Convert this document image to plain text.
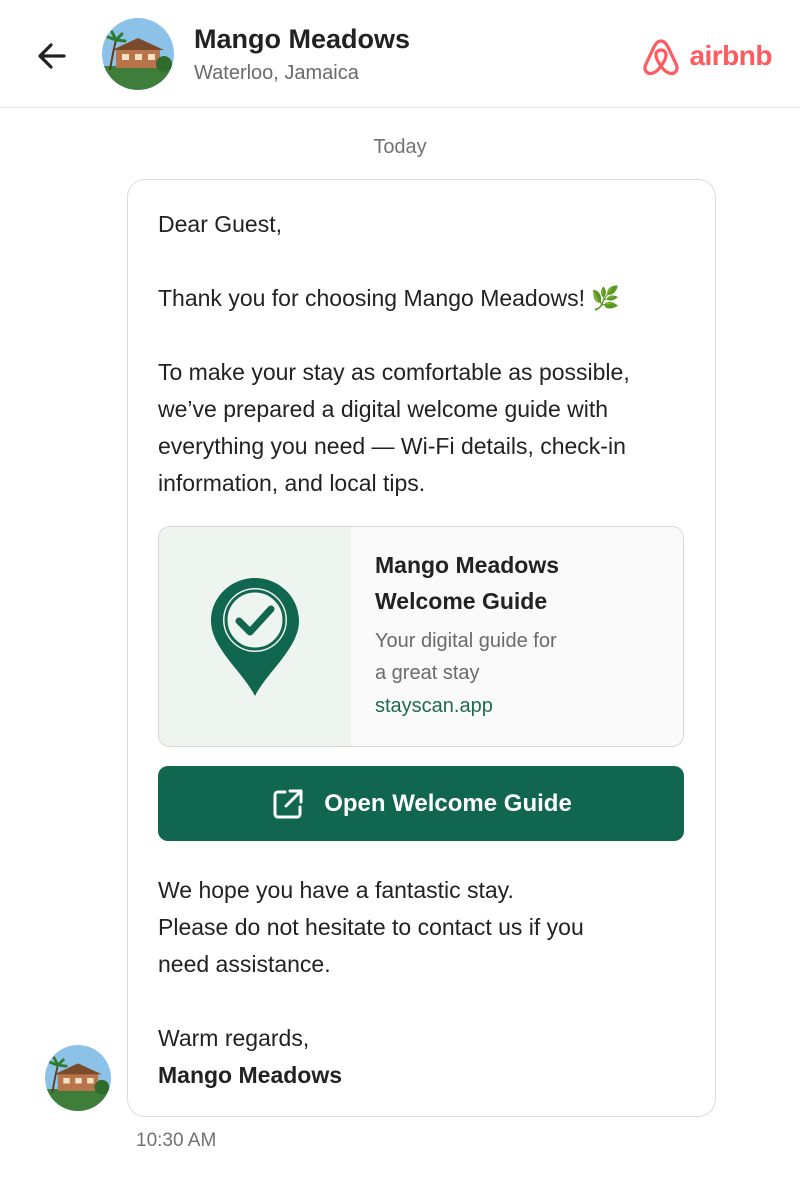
Mango Meadows
Waterloo, Jamaica
airbnb
Today
Dear Guest,
Thank you for choosing Mango Meadows! 🌿
To make your stay as comfortable as possible,
we’ve prepared a digital welcome guide with
everything you need — Wi-Fi details, check-in
information, and local tips.
Mango Meadows
Welcome Guide
Your digital guide for
a great stay
stayscan.app
Open Welcome Guide
We hope you have a fantastic stay.
Please do not hesitate to contact us if you
need assistance.
Warm regards,
Mango Meadows
10:30 AM
